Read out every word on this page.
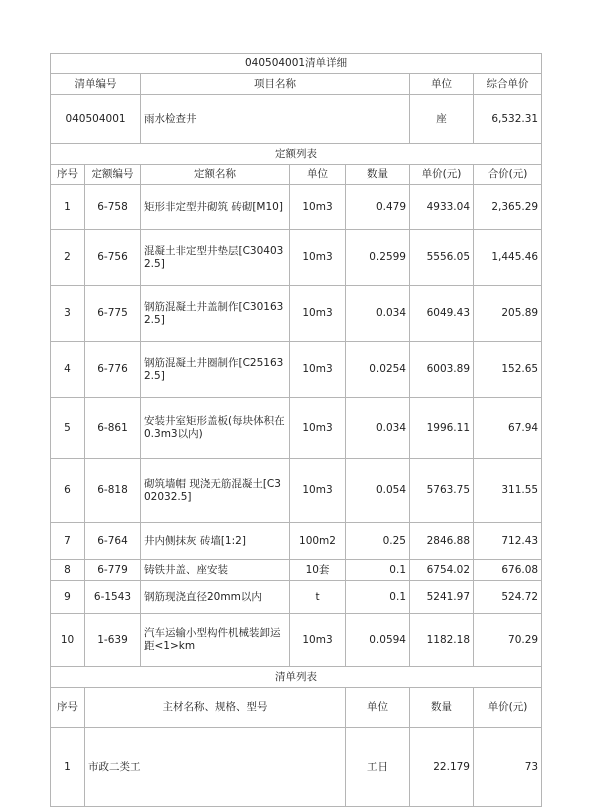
040504001清单详细							
清单编号		项目名称			单位	综合单价	
040504001		雨水检查井			座	6,532.31	
定额列表							
序号	定额编号	定额名称	单位	数量	单价(元)	合价(元)	
1	6-758	矩形非定型井砌筑 砖砌[M10]	10m3	0.479	4933.04	2,365.29	
2	6-756	混凝土非定型井垫层[C304032.5]	10m3	0.2599	5556.05	1,445.46	
3	6-775	钢筋混凝土井盖制作[C301632.5]	10m3	0.034	6049.43	205.89	
4	6-776	钢筋混凝土井圈制作[C251632.5]	10m3	0.0254	6003.89	152.65	
5	6-861	安装井室矩形盖板(每块体积在0.3m3以内)	10m3	0.034	1996.11	67.94	
6	6-818	砌筑墙帽 现浇无筋混凝土[C302032.5]	10m3	0.054	5763.75	311.55	
7	6-764	井内侧抹灰 砖墙[1:2]	100m2	0.25	2846.88	712.43	
8	6-779	铸铁井盖、座安装	10套	0.1	6754.02	676.08	
9	6-1543	钢筋现浇直径20mm以内	t	0.1	5241.97	524.72	
10	1-639	汽车运输小型构件机械装卸运距<1>km	10m3	0.0594	1182.18	70.29	
清单列表							
序号	主材名称、规格、型号			单位	数量	单价(元)	
1	市政二类工			工日	22.179	73	
